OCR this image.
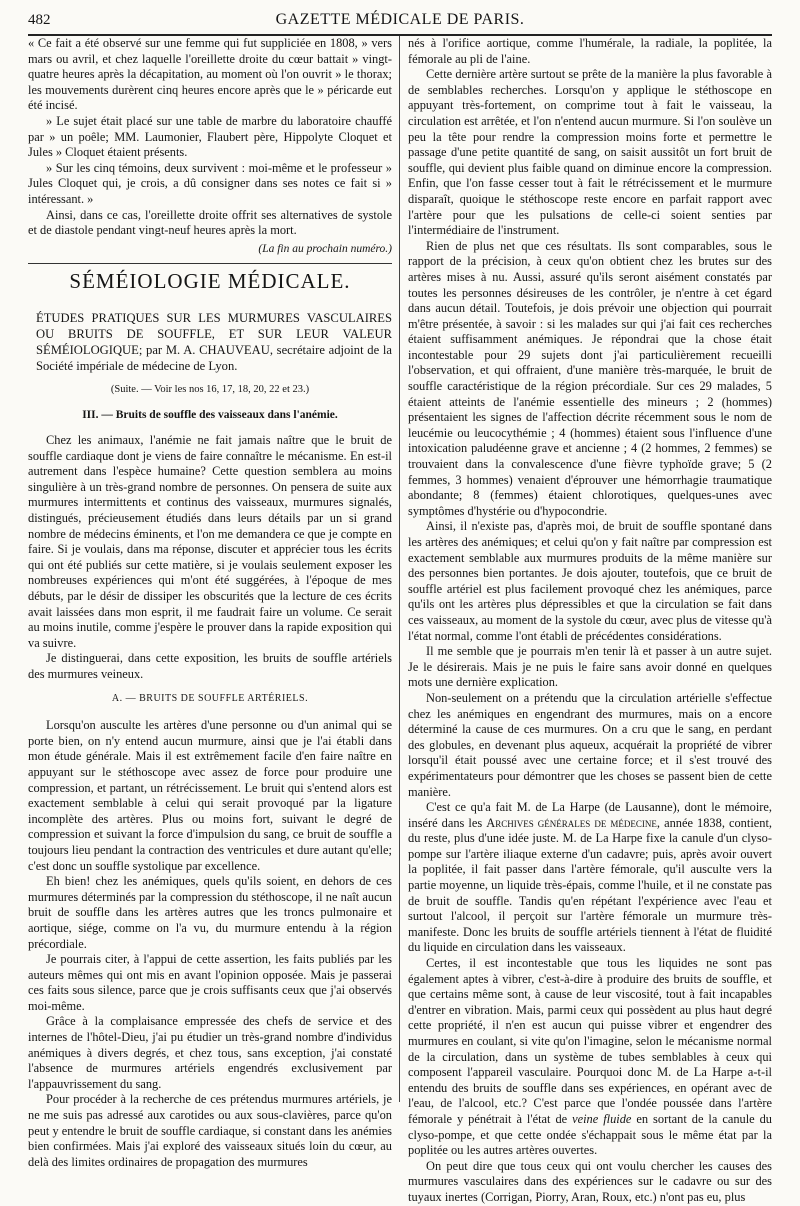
482	GAZETTE MÉDICALE DE PARIS.

« Ce fait a été observé sur une femme qui fut suppliciée en 1808, » vers mars ou avril, et chez laquelle l'oreillette droite du cœur battait » vingt-quatre heures après la décapitation, au moment où l'on ouvrit » le thorax; les mouvements durèrent cinq heures encore après que le » péricarde eut été incisé.

» Le sujet était placé sur une table de marbre du laboratoire chauffé par » un poêle; MM. Laumonier, Flaubert père, Hippolyte Cloquet et Jules » Cloquet étaient présents.

» Sur les cinq témoins, deux survivent : moi-même et le professeur » Jules Cloquet qui, je crois, a dû consigner dans ses notes ce fait si » intéressant. »

Ainsi, dans ce cas, l'oreillette droite offrit ses alternatives de systole et de diastole pendant vingt-neuf heures après la mort.

(La fin au prochain numéro.)
SÉMÉIOLOGIE MÉDICALE.

ÉTUDES PRATIQUES SUR LES MURMURES VASCULAIRES OU BRUITS DE SOUFFLE, ET SUR LEUR VALEUR SÉMÉIOLOGIQUE; par M. A. CHAUVEAU, secrétaire adjoint de la Société impériale de médecine de Lyon.

(Suite. — Voir les nos 16, 17, 18, 20, 22 et 23.)

III. — Bruits de souffle des vaisseaux dans l'anémie.

Chez les animaux, l'anémie ne fait jamais naître que le bruit de souffle cardiaque dont je viens de faire connaître le mécanisme. En est-il autrement dans l'espèce humaine? Cette question semblera au moins singulière à un très-grand nombre de personnes. On pensera de suite aux murmures intermittents et continus des vaisseaux, murmures signalés, distingués, précieusement étudiés dans leurs détails par un si grand nombre de médecins éminents, et l'on me demandera ce que je compte en faire. Si je voulais, dans ma réponse, discuter et apprécier tous les écrits qui ont été publiés sur cette matière, si je voulais seulement exposer les nombreuses expériences qui m'ont été suggérées, à l'époque de mes débuts, par le désir de dissiper les obscurités que la lecture de ces écrits avait laissées dans mon esprit, il me faudrait faire un volume. Ce serait au moins inutile, comme j'espère le prouver dans la rapide exposition qui va suivre.

Je distinguerai, dans cette exposition, les bruits de souffle artériels des murmures veineux.

A. — BRUITS DE SOUFFLE ARTÉRIELS.

Lorsqu'on ausculte les artères d'une personne ou d'un animal qui se porte bien, on n'y entend aucun murmure, ainsi que je l'ai établi dans mon étude générale. Mais il est extrêmement facile d'en faire naître en appuyant sur le stéthoscope avec assez de force pour produire une compression, et partant, un rétrécissement. Le bruit qui s'entend alors est exactement semblable à celui qui serait provoqué par la ligature incomplète des artères. Plus ou moins fort, suivant le degré de compression et suivant la force d'impulsion du sang, ce bruit de souffle a toujours lieu pendant la contraction des ventricules et dure autant qu'elle; c'est donc un souffle systolique par excellence.

Eh bien! chez les anémiques, quels qu'ils soient, en dehors de ces murmures déterminés par la compression du stéthoscope, il ne naît aucun bruit de souffle dans les artères autres que les troncs pulmonaire et aortique, siége, comme on l'a vu, du murmure entendu à la région précordiale.

Je pourrais citer, à l'appui de cette assertion, les faits publiés par les auteurs mêmes qui ont mis en avant l'opinion opposée. Mais je passerai ces faits sous silence, parce que je crois suffisants ceux que j'ai observés moi-même.

Grâce à la complaisance empressée des chefs de service et des internes de l'hôtel-Dieu, j'ai pu étudier un très-grand nombre d'individus anémiques à divers degrés, et chez tous, sans exception, j'ai constaté l'absence de murmures artériels engendrés exclusivement par l'appauvrissement du sang.

Pour procéder à la recherche de ces prétendus murmures artériels, je ne me suis pas adressé aux carotides ou aux sous-clavières, parce qu'on peut y entendre le bruit de souffle cardiaque, si constant dans les anémies bien confirmées. Mais j'ai exploré des vaisseaux situés loin du cœur, au delà des limites ordinaires de propagation des murmures

nés à l'orifice aortique, comme l'humérale, la radiale, la poplitée, la fémorale au pli de l'aine.

Cette dernière artère surtout se prête de la manière la plus favorable à de semblables recherches. Lorsqu'on y applique le stéthoscope en appuyant très-fortement, on comprime tout à fait le vaisseau, la circulation est arrêtée, et l'on n'entend aucun murmure. Si l'on soulève un peu la tête pour rendre la compression moins forte et permettre le passage d'une petite quantité de sang, on saisit aussitôt un fort bruit de souffle, qui devient plus faible quand on diminue encore la compression. Enfin, que l'on fasse cesser tout à fait le rétrécissement et le murmure disparaît, quoique le stéthoscope reste encore en parfait rapport avec l'artère pour que les pulsations de celle-ci soient senties par l'intermédiaire de l'instrument.

Rien de plus net que ces résultats. Ils sont comparables, sous le rapport de la précision, à ceux qu'on obtient chez les brutes sur des artères mises à nu. Aussi, assuré qu'ils seront aisément constatés par toutes les personnes désireuses de les contrôler, je n'entre à cet égard dans aucun détail. Toutefois, je dois prévoir une objection qui pourrait m'être présentée, à savoir : si les malades sur qui j'ai fait ces recherches étaient suffisamment anémiques. Je répondrai que la chose était incontestable pour 29 sujets dont j'ai particulièrement recueilli l'observation, et qui offraient, d'une manière très-marquée, le bruit de souffle caractéristique de la région précordiale. Sur ces 29 malades, 5 étaient atteints de l'anémie essentielle des mineurs ; 2 (hommes) présentaient les signes de l'affection décrite récemment sous le nom de leucémie ou leucocythémie ; 4 (hommes) étaient sous l'influence d'une intoxication paludéenne grave et ancienne ; 4 (2 hommes, 2 femmes) se trouvaient dans la convalescence d'une fièvre typhoïde grave; 5 (2 femmes, 3 hommes) venaient d'éprouver une hémorrhagie traumatique abondante; 8 (femmes) étaient chlorotiques, quelques-unes avec symptômes d'hystérie ou d'hypocondrie.

Ainsi, il n'existe pas, d'après moi, de bruit de souffle spontané dans les artères des anémiques; et celui qu'on y fait naître par compression est exactement semblable aux murmures produits de la même manière sur des personnes bien portantes. Je dois ajouter, toutefois, que ce bruit de souffle artériel est plus facilement provoqué chez les anémiques, parce qu'ils ont les artères plus dépressibles et que la circulation se fait dans ces vaisseaux, au moment de la systole du cœur, avec plus de vitesse qu'à l'état normal, comme l'ont établi de précédentes considérations.

Il me semble que je pourrais m'en tenir là et passer à un autre sujet. Je le désirerais. Mais je ne puis le faire sans avoir donné en quelques mots une dernière explication.

Non-seulement on a prétendu que la circulation artérielle s'effectue chez les anémiques en engendrant des murmures, mais on a encore déterminé la cause de ces murmures. On a cru que le sang, en perdant des globules, en devenant plus aqueux, acquérait la propriété de vibrer lorsqu'il était poussé avec une certaine force; et il s'est trouvé des expérimentateurs pour démontrer que les choses se passent bien de cette manière.

C'est ce qu'a fait M. de La Harpe (de Lausanne), dont le mémoire, inséré dans les Archives générales de médecine, année 1838, contient, du reste, plus d'une idée juste. M. de La Harpe fixe la canule d'un clyso-pompe sur l'artère iliaque externe d'un cadavre; puis, après avoir ouvert la poplitée, il fait passer dans l'artère fémorale, qu'il ausculte vers la partie moyenne, un liquide très-épais, comme l'huile, et il ne constate pas de bruit de souffle. Tandis qu'en répétant l'expérience avec l'eau et surtout l'alcool, il perçoit sur l'artère fémorale un murmure très-manifeste. Donc les bruits de souffle artériels tiennent à l'état de fluidité du liquide en circulation dans les vaisseaux.

Certes, il est incontestable que tous les liquides ne sont pas également aptes à vibrer, c'est-à-dire à produire des bruits de souffle, et que certains même sont, à cause de leur viscosité, tout à fait incapables d'entrer en vibration. Mais, parmi ceux qui possèdent au plus haut degré cette propriété, il n'en est aucun qui puisse vibrer et engendrer des murmures en coulant, si vite qu'on l'imagine, selon le mécanisme normal de la circulation, dans un système de tubes semblables à ceux qui composent l'appareil vasculaire. Pourquoi donc M. de La Harpe a-t-il entendu des bruits de souffle dans ses expériences, en opérant avec de l'eau, de l'alcool, etc.? C'est parce que l'ondée poussée dans l'artère fémorale y pénétrait à l'état de veine fluide en sortant de la canule du clyso-pompe, et que cette ondée s'échappait sous le même état par la poplitée ou les autres artères ouvertes.

On peut dire que tous ceux qui ont voulu chercher les causes des murmures vasculaires dans des expériences sur le cadavre ou sur des tuyaux inertes (Corrigan, Piorry, Aran, Roux, etc.) n'ont pas eu, plus
